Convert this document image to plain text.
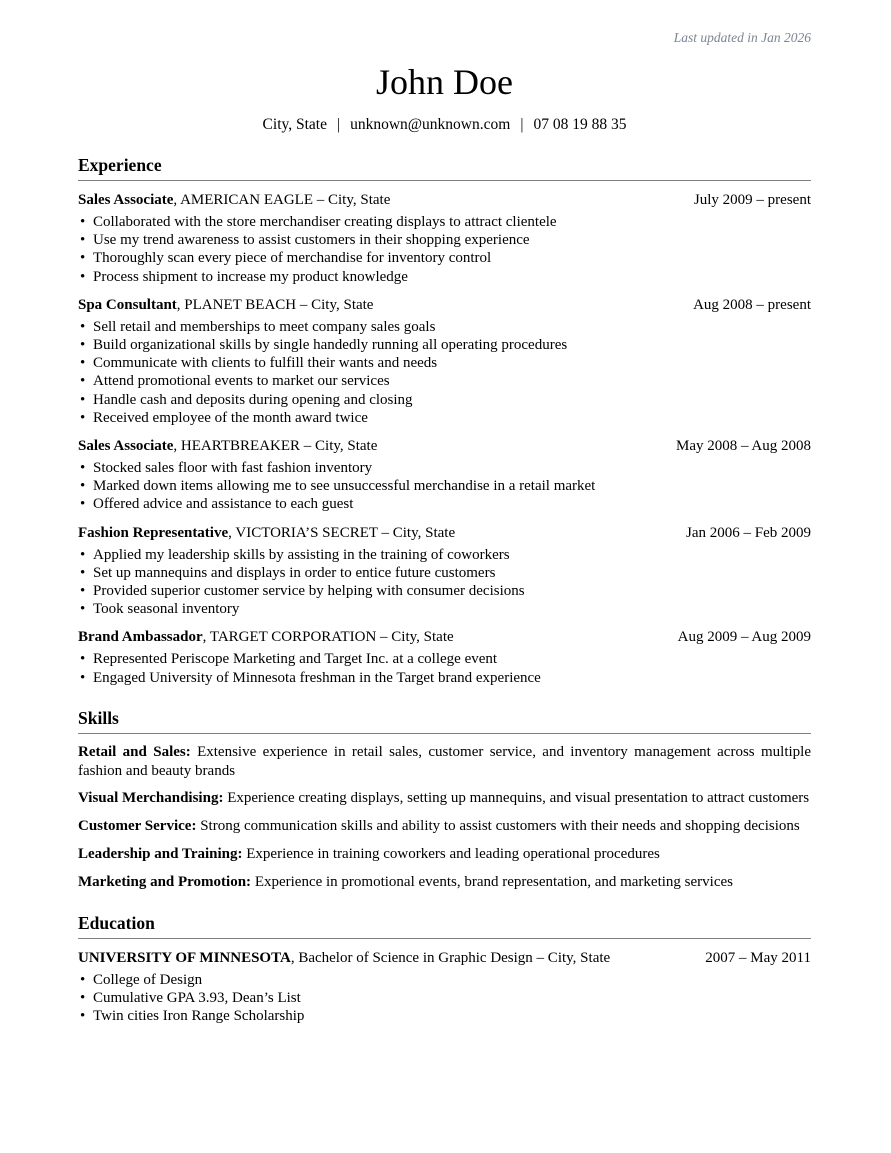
Last updated in Jan 2026
John Doe
City, State | unknown@unknown.com | 07 08 19 88 35
Experience
Sales Associate, AMERICAN EAGLE – City, State	July 2009 – present
• Collaborated with the store merchandiser creating displays to attract clientele
• Use my trend awareness to assist customers in their shopping experience
• Thoroughly scan every piece of merchandise for inventory control
• Process shipment to increase my product knowledge
Spa Consultant, PLANET BEACH – City, State	Aug 2008 – present
• Sell retail and memberships to meet company sales goals
• Build organizational skills by single handedly running all operating procedures
• Communicate with clients to fulfill their wants and needs
• Attend promotional events to market our services
• Handle cash and deposits during opening and closing
• Received employee of the month award twice
Sales Associate, HEARTBREAKER – City, State	May 2008 – Aug 2008
• Stocked sales floor with fast fashion inventory
• Marked down items allowing me to see unsuccessful merchandise in a retail market
• Offered advice and assistance to each guest
Fashion Representative, VICTORIA’S SECRET – City, State	Jan 2006 – Feb 2009
• Applied my leadership skills by assisting in the training of coworkers
• Set up mannequins and displays in order to entice future customers
• Provided superior customer service by helping with consumer decisions
• Took seasonal inventory
Brand Ambassador, TARGET CORPORATION – City, State	Aug 2009 – Aug 2009
• Represented Periscope Marketing and Target Inc. at a college event
• Engaged University of Minnesota freshman in the Target brand experience
Skills
Retail and Sales: Extensive experience in retail sales, customer service, and inventory management across multiple fashion and beauty brands
Visual Merchandising: Experience creating displays, setting up mannequins, and visual presentation to attract customers
Customer Service: Strong communication skills and ability to assist customers with their needs and shopping decisions
Leadership and Training: Experience in training coworkers and leading operational procedures
Marketing and Promotion: Experience in promotional events, brand representation, and marketing services
Education
UNIVERSITY OF MINNESOTA, Bachelor of Science in Graphic Design – City, State	2007 – May 2011
• College of Design
• Cumulative GPA 3.93, Dean’s List
• Twin cities Iron Range Scholarship
